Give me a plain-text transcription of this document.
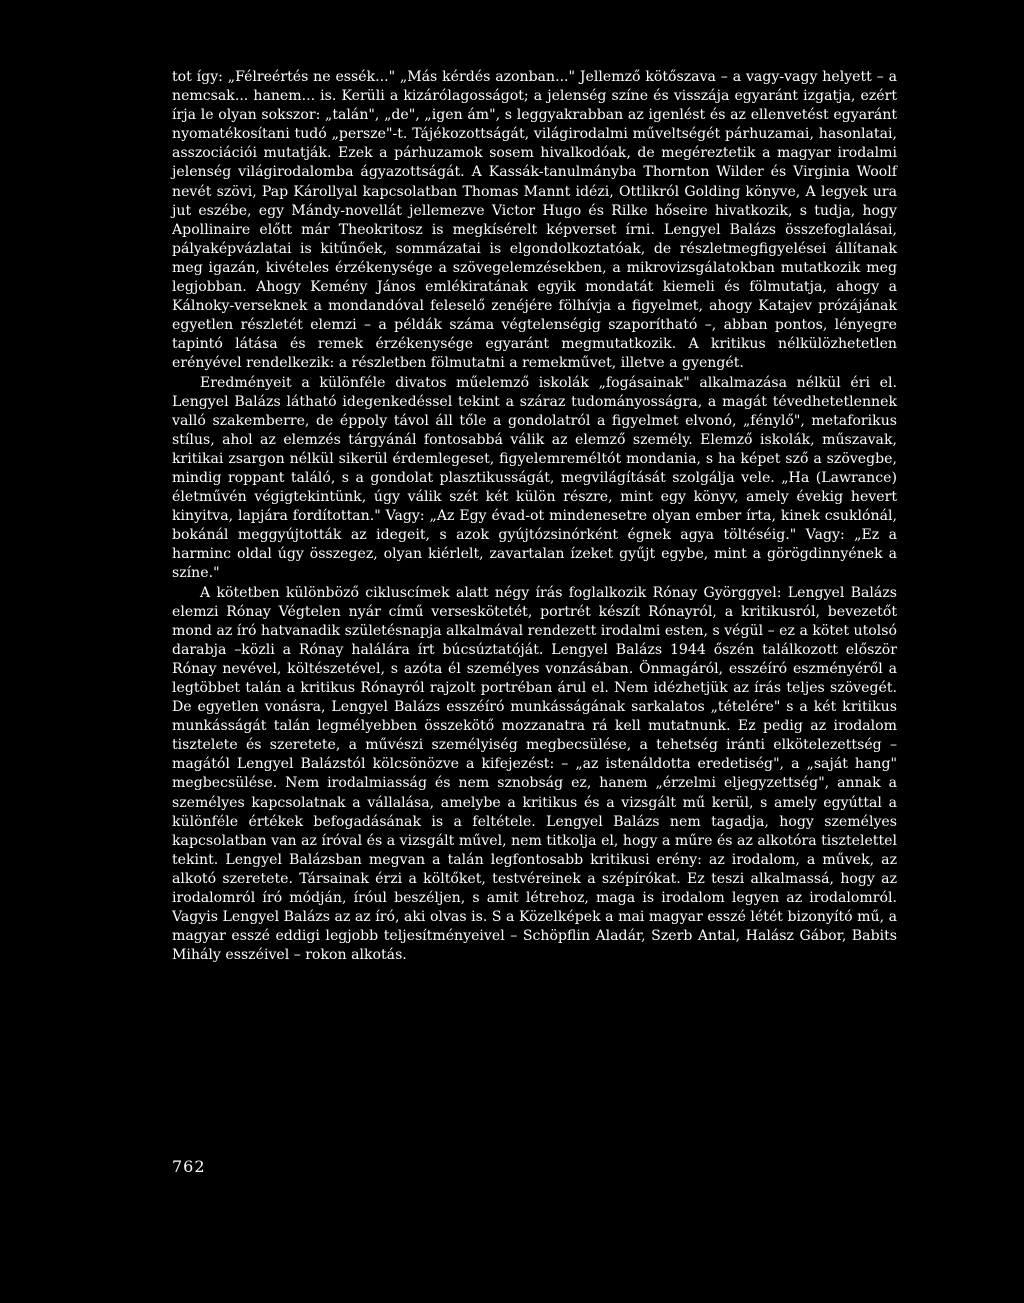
tot így: „Félreértés ne essék..." „Más kérdés azonban..." Jellemző kötőszava – a vagy-vagy helyett – a nemcsak... hanem... is. Kerüli a kizárólagosságot; a jelenség színe és visszája egyaránt izgatja, ezért írja le olyan sokszor: „talán", „de", „igen ám", s leggyakrabban az igenlést és az ellenvetést egyaránt nyomatékosítani tudó „persze"-t. Tájékozottságát, világirodalmi műveltségét párhuzamai, hasonlatai, asszociációi mutatják. Ezek a párhuzamok sosem hivalkodóak, de megéreztetik a magyar irodalmi jelenség világirodalomba ágyazottságát. A Kassák-tanulmányba Thornton Wilder és Virginia Woolf nevét szövi, Pap Károllyal kapcsolatban Thomas Mannt idézi, Ottlikról Golding könyve, A legyek ura jut eszébe, egy Mándy-novellát jellemezve Victor Hugo és Rilke hőseire hivatkozik, s tudja, hogy Apollinaire előtt már Theokritosz is megkísérelt képverset írni. Lengyel Balázs összefoglalásai, pályaképvázlatai is kitűnőek, sommázatai is elgondolkoztatóak, de részletmegfigyelései állítanak meg igazán, kivételes érzékenysége a szövegelemzésekben, a mikrovizsgálatokban mutatkozik meg legjobban. Ahogy Kemény János emlékiratának egyik mondatát kiemeli és fölmutatja, ahogy a Kálnoky-verseknek a mondandóval feleselő zenéjére fölhívja a figyelmet, ahogy Katajev prózájának egyetlen részletét elemzi – a példák száma végtelenségig szaporítható –, abban pontos, lényegre tapintó látása és remek érzékenysége egyaránt megmutatkozik. A kritikus nélkülözhetetlen erényével rendelkezik: a részletben fölmutatni a remekművet, illetve a gyengét.

Eredményeit a különféle divatos műelemző iskolák „fogásainak" alkalmazása nélkül éri el. Lengyel Balázs látható idegenkedéssel tekint a száraz tudományosságra, a magát tévedhetetlennek valló szakemberre, de éppoly távol áll tőle a gondolatról a figyelmet elvonó, „fénylő", metaforikus stílus, ahol az elemzés tárgyánál fontosabbá válik az elemző személy. Elemző iskolák, műszavak, kritikai zsargon nélkül sikerül érdemlegeset, figyelemreméltót mondania, s ha képet sző a szövegbe, mindig roppant találó, s a gondolat plasztikusságát, megvilágítását szolgálja vele. „Ha (Lawrance) életművén végigtekintünk, úgy válik szét két külön részre, mint egy könyv, amely évekig hevert kinyitva, lapjára fordítottan." Vagy: „Az Egy évad-ot mindenesetre olyan ember írta, kinek csuklónál, bokánál meggyújtották az idegeit, s azok gyújtózsinórként égnek agya töltéséig." Vagy: „Ez a harminc oldal úgy összegez, olyan kiérlelt, zavartalan ízeket gyűjt egybe, mint a görögdinnyének a színe."

A kötetben különböző cikluscímek alatt négy írás foglalkozik Rónay Györggyel: Lengyel Balázs elemzi Rónay Végtelen nyár című verseskötetét, portrét készít Rónayról, a kritikusról, bevezetőt mond az író hatvanadik születésnapja alkalmával rendezett irodalmi esten, s végül – ez a kötet utolsó darabja –közli a Rónay halálára írt búcsúztatóját. Lengyel Balázs 1944 őszén találkozott először Rónay nevével, költészetével, s azóta él személyes vonzásában. Önmagáról, esszéíró eszményéről a legtöbbet talán a kritikus Rónayról rajzolt portréban árul el. Nem idézhetjük az írás teljes szövegét. De egyetlen vonásra, Lengyel Balázs esszéíró munkásságának sarkalatos „tételére" s a két kritikus munkásságát talán legmélyebben összekötő mozzanatra rá kell mutatnunk. Ez pedig az irodalom tisztelete és szeretete, a művészi személyiség megbecsülése, a tehetség iránti elkötelezettség – magától Lengyel Balázstól kölcsönözve a kifejezést: – „az istenáldotta eredetiség", a „saját hang" megbecsülése. Nem irodalmiasság és nem sznobság ez, hanem „érzelmi eljegyzettség", annak a személyes kapcsolatnak a vállalása, amelybe a kritikus és a vizsgált mű kerül, s amely egyúttal a különféle értékek befogadásának is a feltétele. Lengyel Balázs nem tagadja, hogy személyes kapcsolatban van az íróval és a vizsgált művel, nem titkolja el, hogy a műre és az alkotóra tisztelettel tekint. Lengyel Balázsban megvan a talán legfontosabb kritikusi erény: az irodalom, a művek, az alkotó szeretete. Társainak érzi a költőket, testvéreinek a szépírókat. Ez teszi alkalmassá, hogy az irodalomról író módján, íróul beszéljen, s amit létrehoz, maga is irodalom legyen az irodalomról. Vagyis Lengyel Balázs az az író, aki olvas is. S a Közelképek a mai magyar esszé létét bizonyító mű, a magyar esszé eddigi legjobb teljesítményeivel – Schöpflin Aladár, Szerb Antal, Halász Gábor, Babits Mihály esszéivel – rokon alkotás.

762
